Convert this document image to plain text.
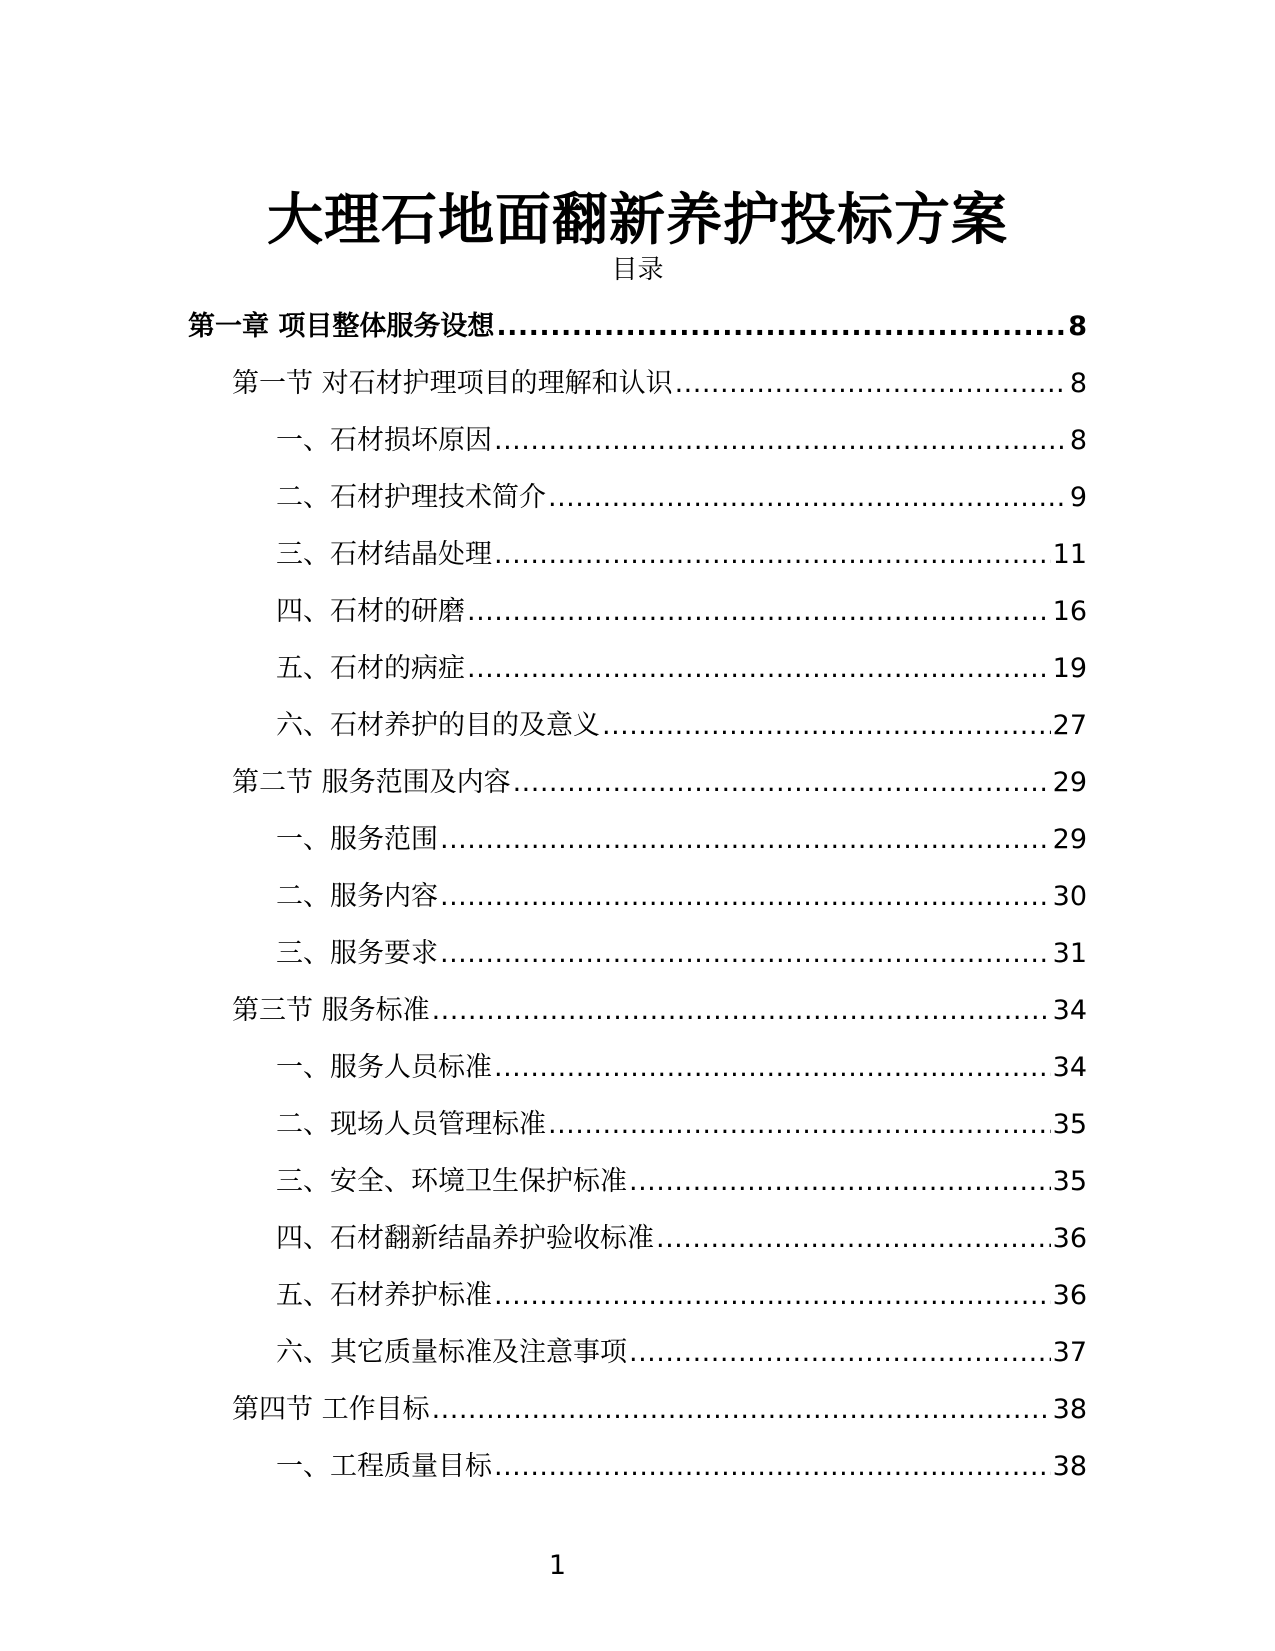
大理石地面翻新养护投标方案
目录
第一章 项目整体服务设想 .....	8
第一节 对石材护理项目的理解和认识 .....	8
一、石材损坏原因 .....	8
二、石材护理技术简介 .....	9
三、石材结晶处理 .....	11
四、石材的研磨 .....	16
五、石材的病症 .....	19
六、石材养护的目的及意义 .....	27
第二节 服务范围及内容 .....	29
一、服务范围 .....	29
二、服务内容 .....	30
三、服务要求 .....	31
第三节 服务标准 .....	34
一、服务人员标准 .....	34
二、现场人员管理标准 .....	35
三、安全、环境卫生保护标准 .....	35
四、石材翻新结晶养护验收标准 .....	36
五、石材养护标准 .....	36
六、其它质量标准及注意事项 .....	37
第四节 工作目标 .....	38
一、工程质量目标 .....	38
1
